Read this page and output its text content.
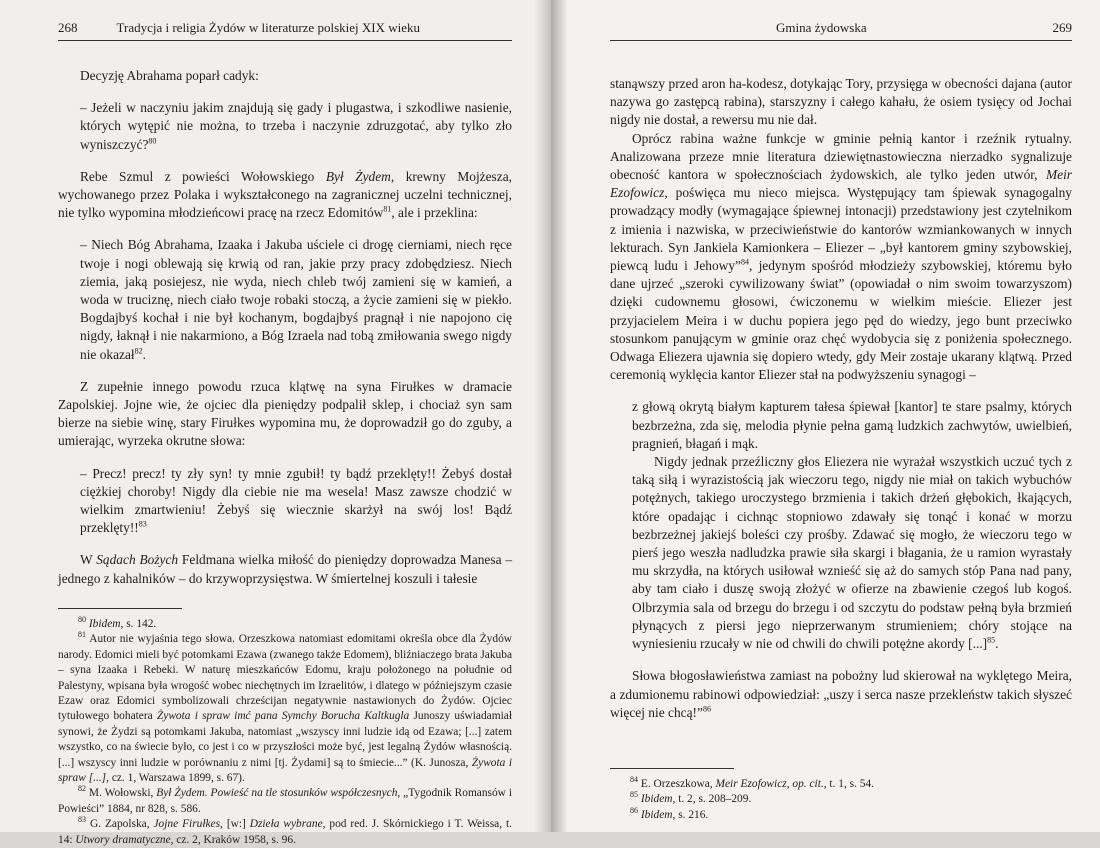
268	Tradycja i religia Żydów w literaturze polskiej XIX wieku

Decyzję Abrahama poparł cadyk:

– Jeżeli w naczyniu jakim znajdują się gady i plugastwa, i szkodliwe nasienie, których wytępić nie można, to trzeba i naczynie zdruzgotać, aby tylko zło wyniszczyć?$^{80}$

Rebe Szmul z powieści Wołowskiego Był Żydem, krewny Mojżesza, wychowanego przez Polaka i wykształconego na zagranicznej uczelni technicznej, nie tylko wypomina młodzieńcowi pracę na rzecz Edomitów$^{81}$, ale i przeklina:

– Niech Bóg Abrahama, Izaaka i Jakuba uściele ci drogę cierniami, niech ręce twoje i nogi oblewają się krwią od ran, jakie przy pracy zdobędziesz. Niech ziemia, jaką posiejesz, nie wyda, niech chleb twój zamieni się w kamień, a woda w truciznę, niech ciało twoje robaki stoczą, a życie zamieni się w piekło. Bogdajbyś kochał i nie był kochanym, bogdajbyś pragnął i nie napojono cię nigdy, łaknął i nie nakarmiono, a Bóg Izraela nad tobą zmiłowania swego nigdy nie okazał$^{82}$.

Z zupełnie innego powodu rzuca klątwę na syna Firułkes w dramacie Zapolskiej. Jojne wie, że ojciec dla pieniędzy podpalił sklep, i chociaż syn sam bierze na siebie winę, stary Firułkes wypomina mu, że doprowadził go do zguby, a umierając, wyrzeka okrutne słowa:

– Precz! precz! ty zły syn! ty mnie zgubił! ty bądź przeklęty!! Żebyś dostał ciężkiej choroby! Nigdy dla ciebie nie ma wesela! Masz zawsze chodzić w wielkim zmartwieniu! Żebyś się wiecznie skarżył na swój los! Bądź przeklęty!!$^{83}$

W Sądach Bożych Feldmana wielka miłość do pieniędzy doprowadza Manesa – jednego z kahalników – do krzywoprzysięstwa. W śmiertelnej koszuli i tałesie

$^{80}$ Ibidem, s. 142.

$^{81}$ Autor nie wyjaśnia tego słowa. Orzeszkowa natomiast edomitami określa obce dla Żydów narody. Edomici mieli być potomkami Ezawa (zwanego także Edomem), bliźniaczego brata Jakuba – syna Izaaka i Rebeki. W naturę mieszkańców Edomu, kraju położonego na południe od Palestyny, wpisana była wrogość wobec niechętnych im Izraelitów, i dlatego w późniejszym czasie Ezaw oraz Edomici symbolizowali chrześcijan negatywnie nastawionych do Żydów. Ojciec tytułowego bohatera Żywota i spraw imć pana Symchy Borucha Kaltkugla Junoszy uświadamiał synowi, że Żydzi są potomkami Jakuba, natomiast „wszyscy inni ludzie idą od Ezawa; [...] zatem wszystko, co na świecie było, co jest i co w przyszłości może być, jest legalną Żydów własnością. [...] wszyscy inni ludzie w porównaniu z nimi [tj. Żydami] są to śmiecie...” (K. Junosza, Żywota i spraw [...], cz. 1, Warszawa 1899, s. 67).

$^{82}$ M. Wołowski, Był Żydem. Powieść na tle stosunków współczesnych, „Tygodnik Romansów i Powieści” 1884, nr 828, s. 586.

$^{83}$ G. Zapolska, Jojne Firułkes, [w:] Dzieła wybrane, pod red. J. Skórnickiego i T. Weissa, t. 14: Utwory dramatyczne, cz. 2, Kraków 1958, s. 96.

Gmina żydowska	269

stanąwszy przed aron ha-kodesz, dotykając Tory, przysięga w obecności dajana (autor nazywa go zastępcą rabina), starszyzny i całego kahału, że osiem tysięcy od Jochai nigdy nie dostał, a rewersu mu nie dał.

Oprócz rabina ważne funkcje w gminie pełnią kantor i rzeźnik rytualny. Analizowana przeze mnie literatura dziewiętnastowieczna nierzadko sygnalizuje obecność kantora w społecznościach żydowskich, ale tylko jeden utwór, Meir Ezofowicz, poświęca mu nieco miejsca. Występujący tam śpiewak synagogalny prowadzący modły (wymagające śpiewnej intonacji) przedstawiony jest czytelnikom z imienia i nazwiska, w przeciwieństwie do kantorów wzmiankowanych w innych lekturach. Syn Jankiela Kamionkera – Eliezer – „był kantorem gminy szybowskiej, piewcą ludu i Jehowy”$^{84}$, jedynym spośród młodzieży szybowskiej, któremu było dane ujrzeć „szeroki cywilizowany świat” (opowiadał o nim swoim towarzyszom) dzięki cudownemu głosowi, ćwiczonemu w wielkim mieście. Eliezer jest przyjacielem Meira i w duchu popiera jego pęd do wiedzy, jego bunt przeciwko stosunkom panującym w gminie oraz chęć wydobycia się z poniżenia społecznego. Odwaga Eliezera ujawnia się dopiero wtedy, gdy Meir zostaje ukarany klątwą. Przed ceremonią wyklęcia kantor Eliezer stał na podwyższeniu synagogi –

z głową okrytą białym kapturem tałesa śpiewał [kantor] te stare psalmy, których bezbrzeżna, zda się, melodia płynie pełna gamą ludzkich zachwytów, uwielbień, pragnień, błagań i mąk.

Nigdy jednak przeźliczny głos Eliezera nie wyrażał wszystkich uczuć tych z taką siłą i wyrazistością jak wieczoru tego, nigdy nie miał on takich wybuchów potężnych, takiego uroczystego brzmienia i takich drżeń głębokich, łkających, które opadając i cichnąc stopniowo zdawały się tonąć i konać w morzu bezbrzeżnej jakiejś boleści czy prośby. Zdawać się mogło, że wieczoru tego w pierś jego weszła nadludzka prawie siła skargi i błagania, że u ramion wyrastały mu skrzydła, na których usiłował wznieść się aż do samych stóp Pana nad pany, aby tam ciało i duszę swoją złożyć w ofierze na zbawienie czegoś lub kogoś. Olbrzymia sala od brzegu do brzegu i od szczytu do podstaw pełną była brzmień płynących z piersi jego nieprzerwanym strumieniem; chóry stojące na wyniesieniu rzucały w nie od chwili do chwili potężne akordy [...]$^{85}$.

Słowa błogosławieństwa zamiast na pobożny lud skierował na wyklętego Meira, a zdumionemu rabinowi odpowiedział: „uszy i serca nasze przekleństw takich słyszeć więcej nie chcą!”$^{86}$

$^{84}$ E. Orzeszkowa, Meir Ezofowicz, op. cit., t. 1, s. 54.

$^{85}$ Ibidem, t. 2, s. 208–209.

$^{86}$ Ibidem, s. 216.
